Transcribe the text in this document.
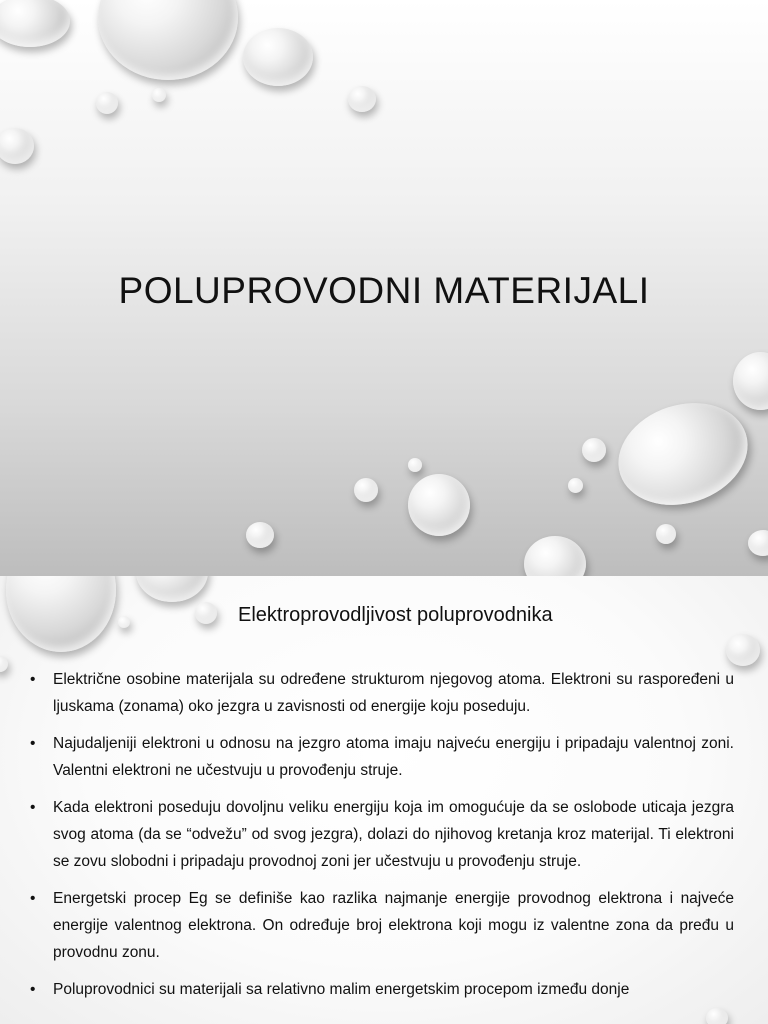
POLUPROVODNI MATERIJALI
Elektroprovodljivost poluprovodnika
• Električne osobine materijala su određene strukturom njegovog atoma. Elektroni su raspoređeni u ljuskama (zonama) oko jezgra u zavisnosti od energije koju poseduju.
• Najudaljeniji elektroni u odnosu na jezgro atoma imaju najveću energiju i pripadaju valentnoj zoni. Valentni elektroni ne učestvuju u provođenju struje.
• Kada elektroni poseduju dovoljnu veliku energiju koja im omogućuje da se oslobode uticaja jezgra svog atoma (da se “odvežu” od svog jezgra), dolazi do njihovog kretanja kroz materijal. Ti elektroni se zovu slobodni i pripadaju provodnoj zoni jer učestvuju u provođenju struje.
• Energetski procep Eg se definiše kao razlika najmanje energije provodnog elektrona i najveće energije valentnog elektrona. On određuje broj elektrona koji mogu iz valentne zona da pređu u provodnu zonu.
• Poluprovodnici su materijali sa relativno malim energetskim procepom između donje
